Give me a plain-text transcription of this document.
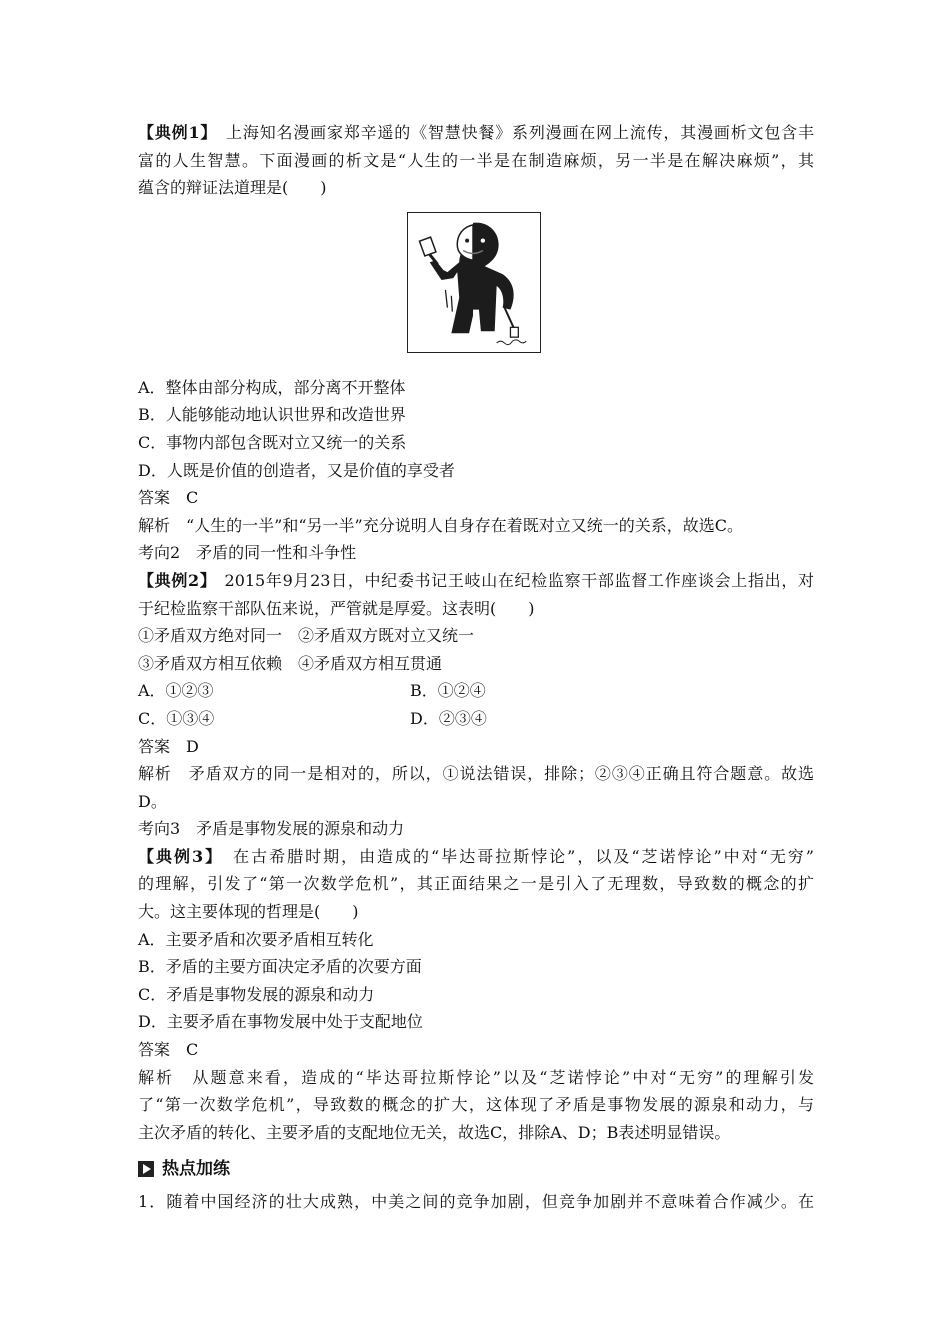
【典例1】 上海知名漫画家郑辛遥的《智慧快餐》系列漫画在网上流传，其漫画析文包含丰

富的人生智慧。下面漫画的析文是“人生的一半是在制造麻烦，另一半是在解决麻烦”，其

蕴含的辩证法道理是(　　)

A．整体由部分构成，部分离不开整体

B．人能够能动地认识世界和改造世界

C．事物内部包含既对立又统一的关系

D．人既是价值的创造者，又是价值的享受者

答案　C

解析　“人生的一半”和“另一半”充分说明人自身存在着既对立又统一的关系，故选C。

考向2　矛盾的同一性和斗争性

【典例2】 2015年9月23日，中纪委书记王岐山在纪检监察干部监督工作座谈会上指出，对

于纪检监察干部队伍来说，严管就是厚爱。这表明(　　)

①矛盾双方绝对同一　②矛盾双方既对立又统一

③矛盾双方相互依赖　④矛盾双方相互贯通

A．①②③	B．①②④

C．①③④	D．②③④

答案　D

解析　矛盾双方的同一是相对的，所以，①说法错误，排除；②③④正确且符合题意。故选

D。

考向3　矛盾是事物发展的源泉和动力

【典例3】 在古希腊时期，由造成的“毕达哥拉斯悖论”，以及“芝诺悖论”中对“无穷”

的理解，引发了“第一次数学危机”，其正面结果之一是引入了无理数，导致数的概念的扩

大。这主要体现的哲理是(　　)

A．主要矛盾和次要矛盾相互转化

B．矛盾的主要方面决定矛盾的次要方面

C．矛盾是事物发展的源泉和动力

D．主要矛盾在事物发展中处于支配地位

答案　C

解析　从题意来看，造成的“毕达哥拉斯悖论”以及“芝诺悖论”中对“无穷”的理解引发

了“第一次数学危机”，导致数的概念的扩大，这体现了矛盾是事物发展的源泉和动力，与

主次矛盾的转化、主要矛盾的支配地位无关，故选C，排除A、D；B表述明显错误。

热点加练

1．随着中国经济的壮大成熟，中美之间的竞争加剧，但竞争加剧并不意味着合作减少。在
